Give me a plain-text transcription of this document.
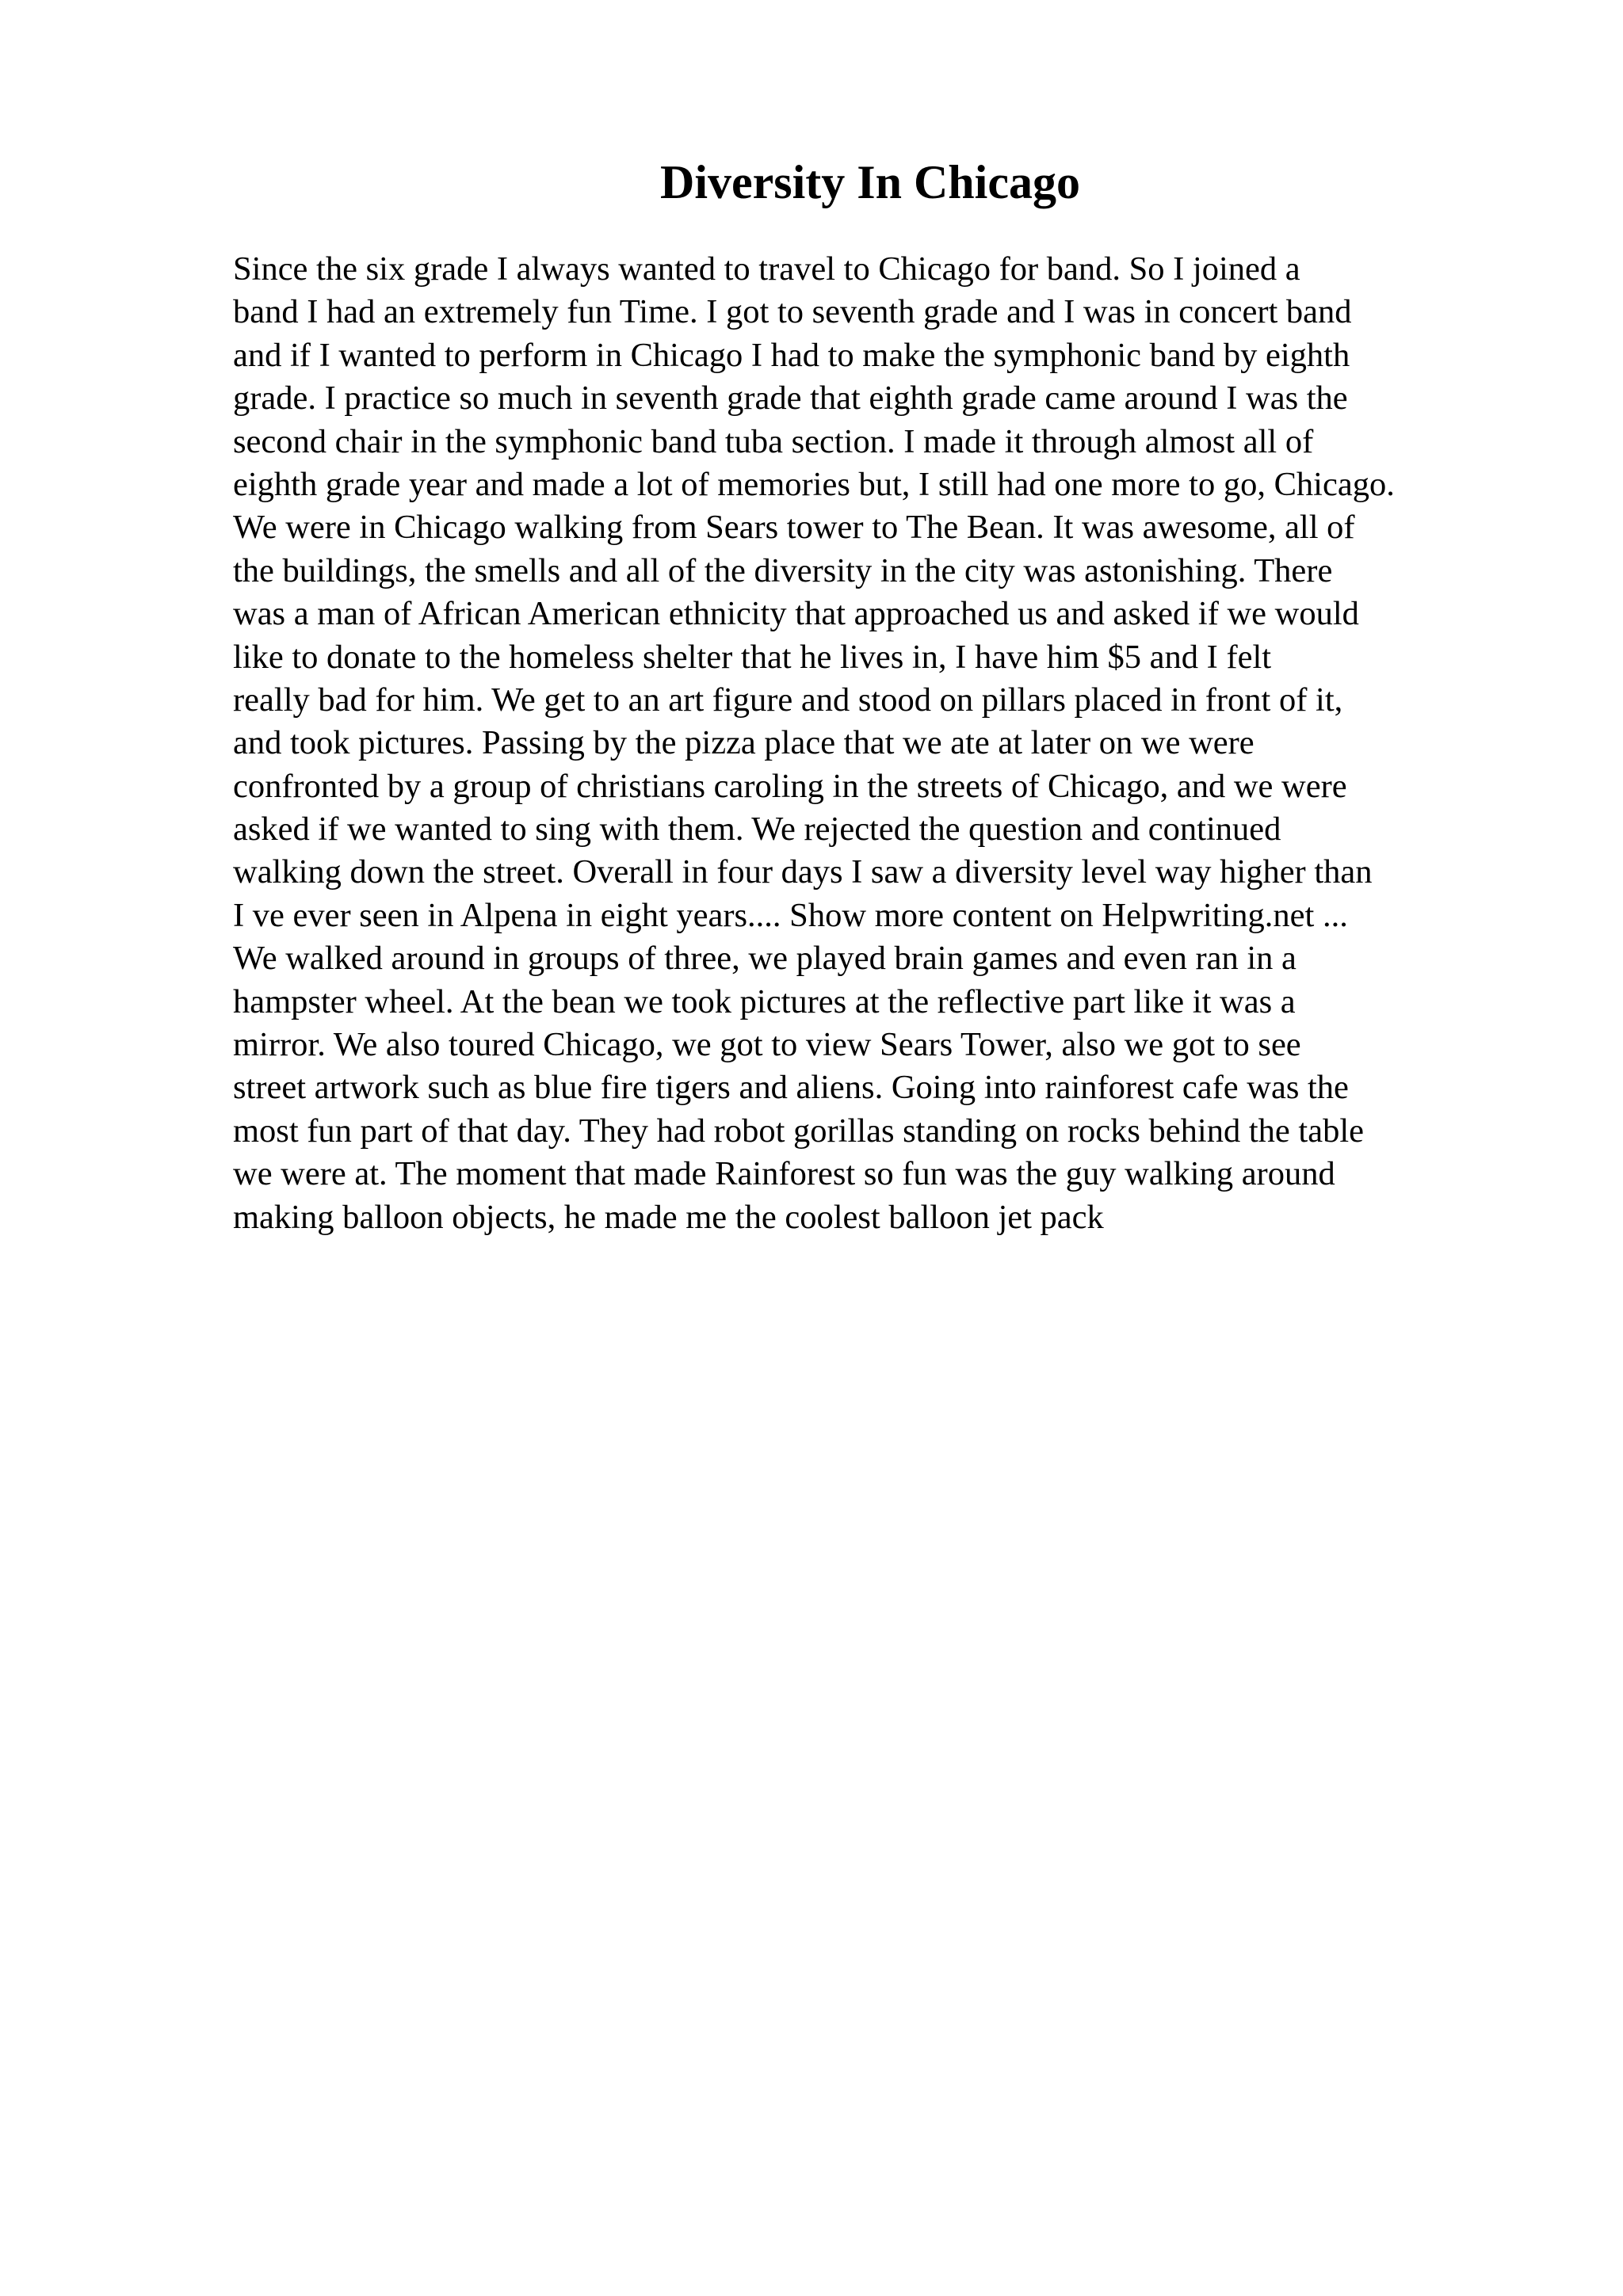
Diversity In Chicago
Since the six grade I always wanted to travel to Chicago for band. So I joined a
band I had an extremely fun Time. I got to seventh grade and I was in concert band
and if I wanted to perform in Chicago I had to make the symphonic band by eighth
grade. I practice so much in seventh grade that eighth grade came around I was the
second chair in the symphonic band tuba section. I made it through almost all of
eighth grade year and made a lot of memories but, I still had one more to go, Chicago.
We were in Chicago walking from Sears tower to The Bean. It was awesome, all of
the buildings, the smells and all of the diversity in the city was astonishing. There
was a man of African American ethnicity that approached us and asked if we would
like to donate to the homeless shelter that he lives in, I have him $5 and I felt
really bad for him. We get to an art figure and stood on pillars placed in front of it,
and took pictures. Passing by the pizza place that we ate at later on we were
confronted by a group of christians caroling in the streets of Chicago, and we were
asked if we wanted to sing with them. We rejected the question and continued
walking down the street. Overall in four days I saw a diversity level way higher than
I ve ever seen in Alpena in eight years.... Show more content on Helpwriting.net ...
We walked around in groups of three, we played brain games and even ran in a
hampster wheel. At the bean we took pictures at the reflective part like it was a
mirror. We also toured Chicago, we got to view Sears Tower, also we got to see
street artwork such as blue fire tigers and aliens. Going into rainforest cafe was the
most fun part of that day. They had robot gorillas standing on rocks behind the table
we were at. The moment that made Rainforest so fun was the guy walking around
making balloon objects, he made me the coolest balloon jet pack
